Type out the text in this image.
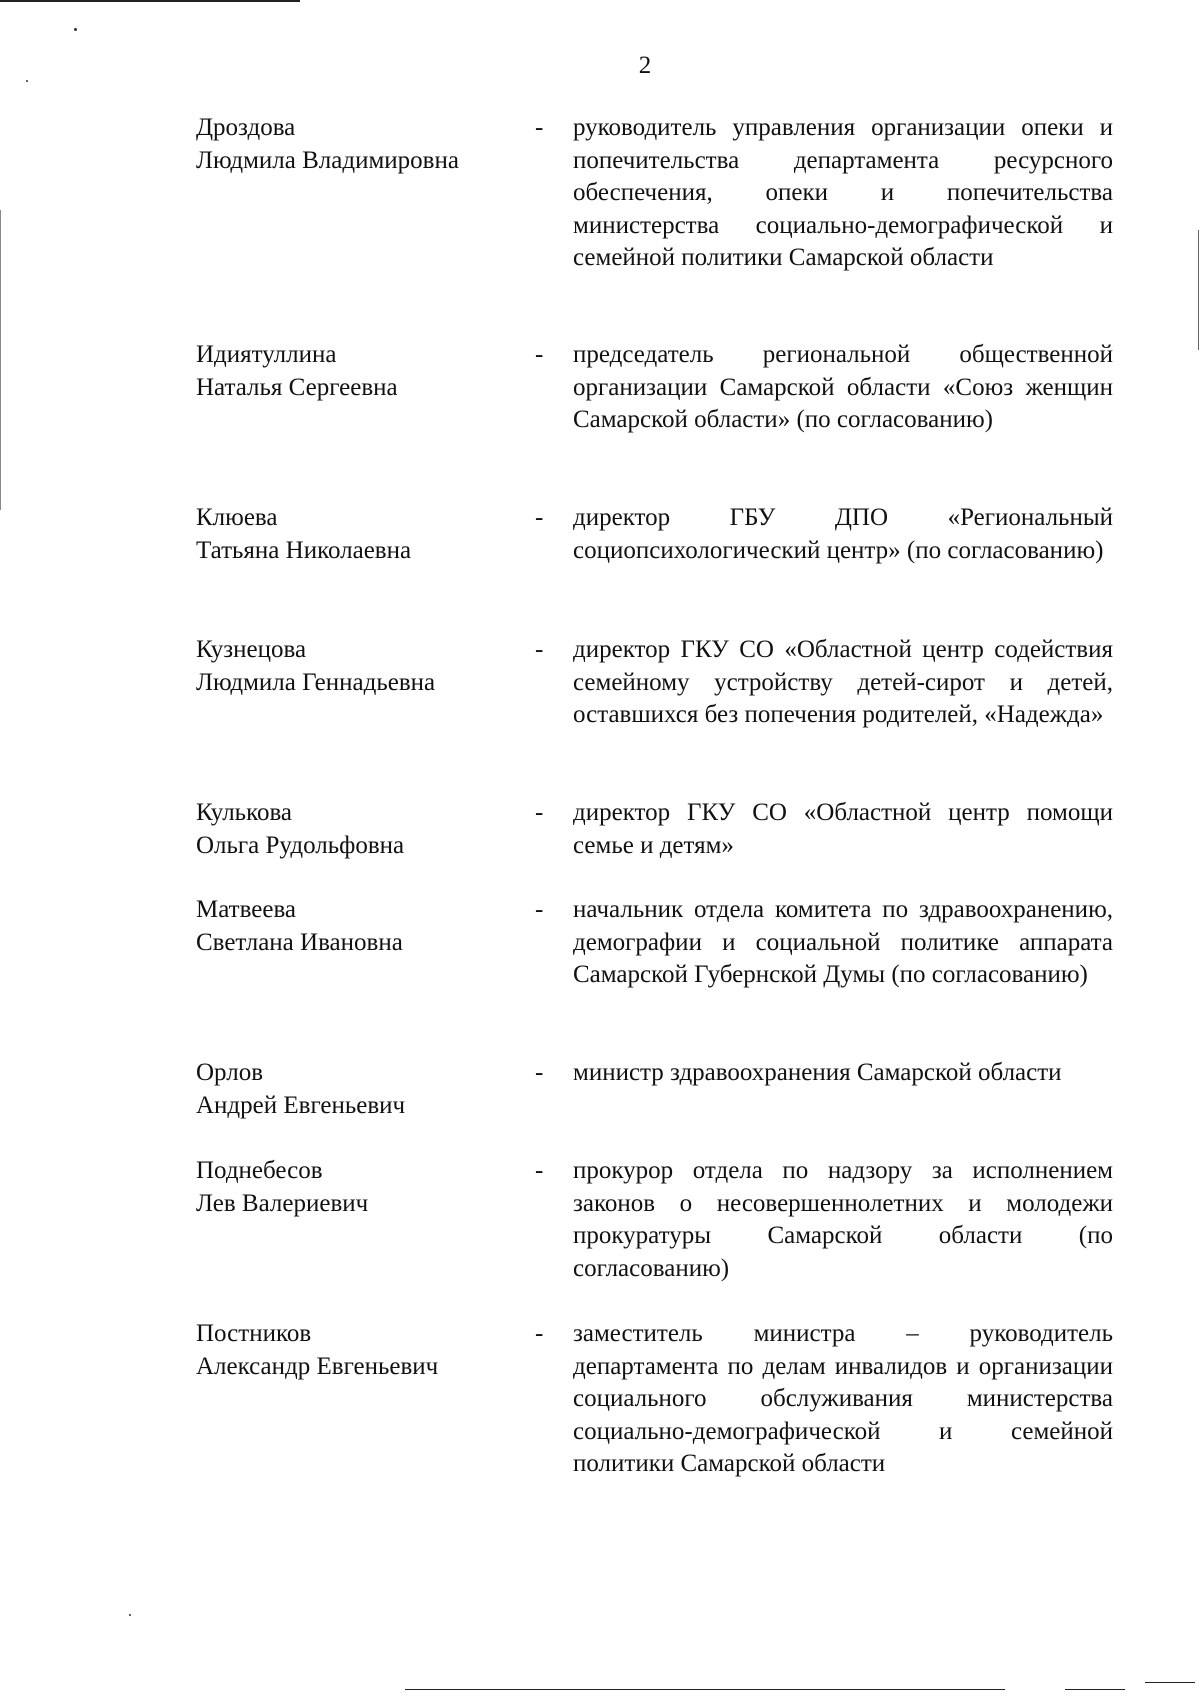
2
Дроздова
Людмила Владимировна
- руководитель управления организации опеки и попечительства департамента ресурсного обеспечения, опеки и попечительства министерства социально-демографической и семейной политики Самарской области
Идиятуллина
Наталья Сергеевна
- председатель региональной общественной организации Самарской области «Союз женщин Самарской области» (по согласованию)
Клюева
Татьяна Николаевна
- директор ГБУ ДПО «Региональный социопсихологический центр» (по согласованию)
Кузнецова
Людмила Геннадьевна
- директор ГКУ СО «Областной центр содействия семейному устройству детей-сирот и детей, оставшихся без попечения родителей, «Надежда»
Кулькова
Ольга Рудольфовна
- директор ГКУ СО «Областной центр помощи семье и детям»
Матвеева
Светлана Ивановна
- начальник отдела комитета по здравоохранению, демографии и социальной политике аппарата Самарской Губернской Думы (по согласованию)
Орлов
Андрей Евгеньевич
- министр здравоохранения Самарской области
Поднебесов
Лев Валериевич
- прокурор отдела по надзору за исполнением законов о несовершеннолетних и молодежи прокуратуры Самарской области (по согласованию)
Постников
Александр Евгеньевич
- заместитель министра – руководитель департамента по делам инвалидов и организации социального обслуживания министерства социально-демографической и семейной политики Самарской области
